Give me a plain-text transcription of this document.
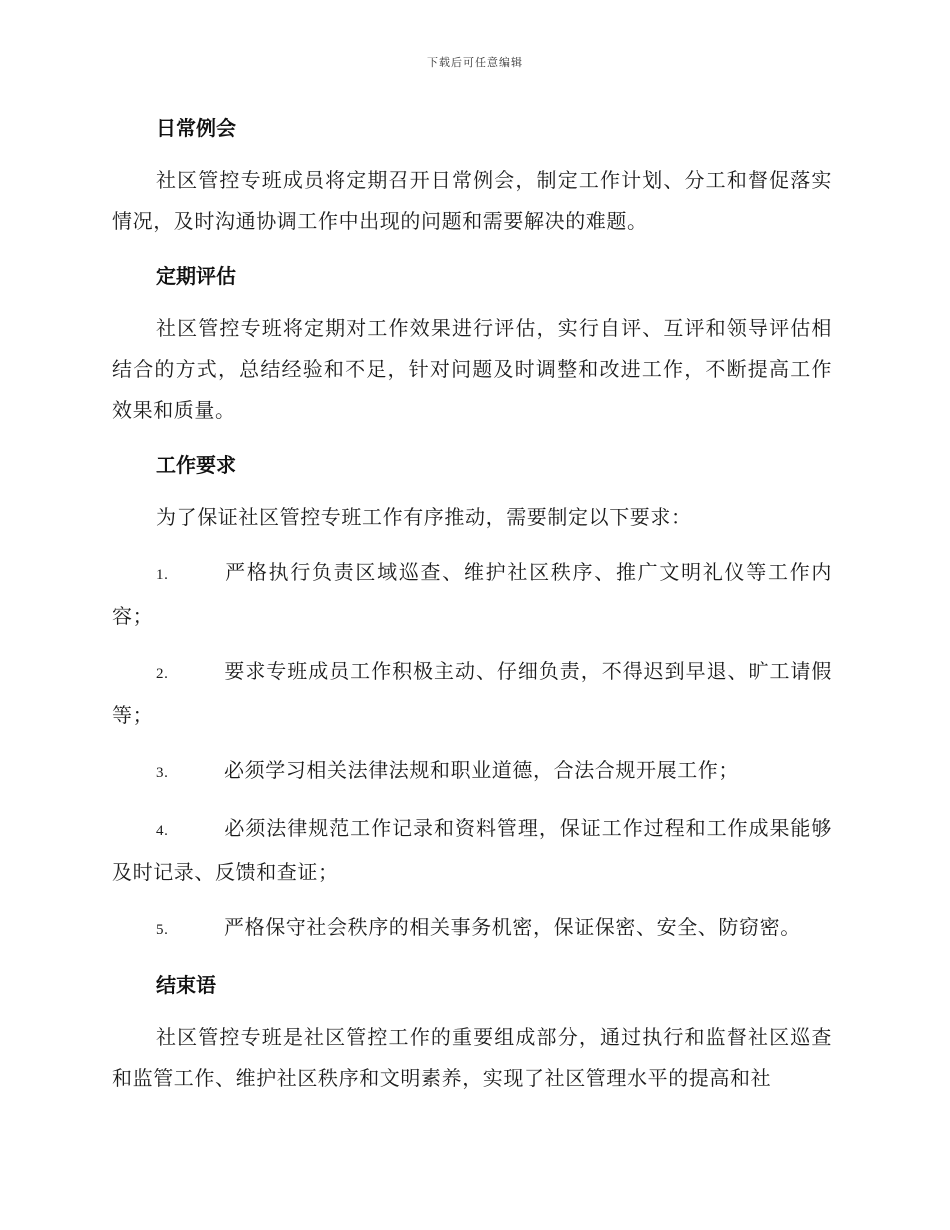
下载后可任意编辑
日常例会

社区管控专班成员将定期召开日常例会，制定工作计划、分工和督促落实情况，及时沟通协调工作中出现的问题和需要解决的难题。

定期评估

社区管控专班将定期对工作效果进行评估，实行自评、互评和领导评估相结合的方式，总结经验和不足，针对问题及时调整和改进工作，不断提高工作效果和质量。

工作要求

为了保证社区管控专班工作有序推动，需要制定以下要求：

1.	严格执行负责区域巡查、维护社区秩序、推广文明礼仪等工作内容；
2.	要求专班成员工作积极主动、仔细负责，不得迟到早退、旷工请假等；
3.	必须学习相关法律法规和职业道德，合法合规开展工作；
4.	必须法律规范工作记录和资料管理，保证工作过程和工作成果能够及时记录、反馈和查证；
5.	严格保守社会秩序的相关事务机密，保证保密、安全、防窃密。
结束语

社区管控专班是社区管控工作的重要组成部分，通过执行和监督社区巡查和监管工作、维护社区秩序和文明素养，实现了社区管理水平的提高和社
